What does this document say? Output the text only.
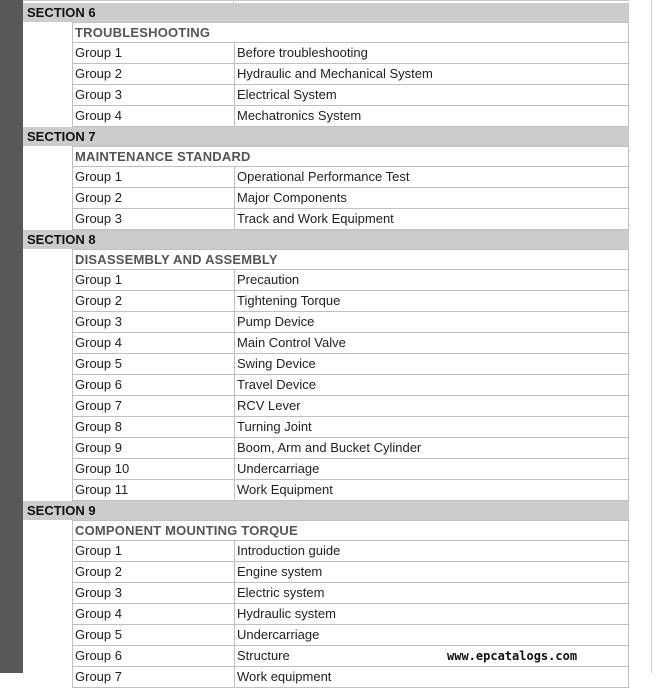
SECTION 6
TROUBLESHOOTING
Group 1	Before troubleshooting
Group 2	Hydraulic and Mechanical System
Group 3	Electrical System
Group 4	Mechatronics System
SECTION 7
MAINTENANCE STANDARD
Group 1	Operational Performance Test
Group 2	Major Components
Group 3	Track and Work Equipment
SECTION 8
DISASSEMBLY AND ASSEMBLY
Group 1	Precaution
Group 2	Tightening Torque
Group 3	Pump Device
Group 4	Main Control Valve
Group 5	Swing Device
Group 6	Travel Device
Group 7	RCV Lever
Group 8	Turning Joint
Group 9	Boom, Arm and Bucket Cylinder
Group 10	Undercarriage
Group 11	Work Equipment
SECTION 9
COMPONENT MOUNTING TORQUE
Group 1	Introduction guide
Group 2	Engine system
Group 3	Electric system
Group 4	Hydraulic system
Group 5	Undercarriage
Group 6	Structure
Group 7	Work equipment
www.epcatalogs.com
